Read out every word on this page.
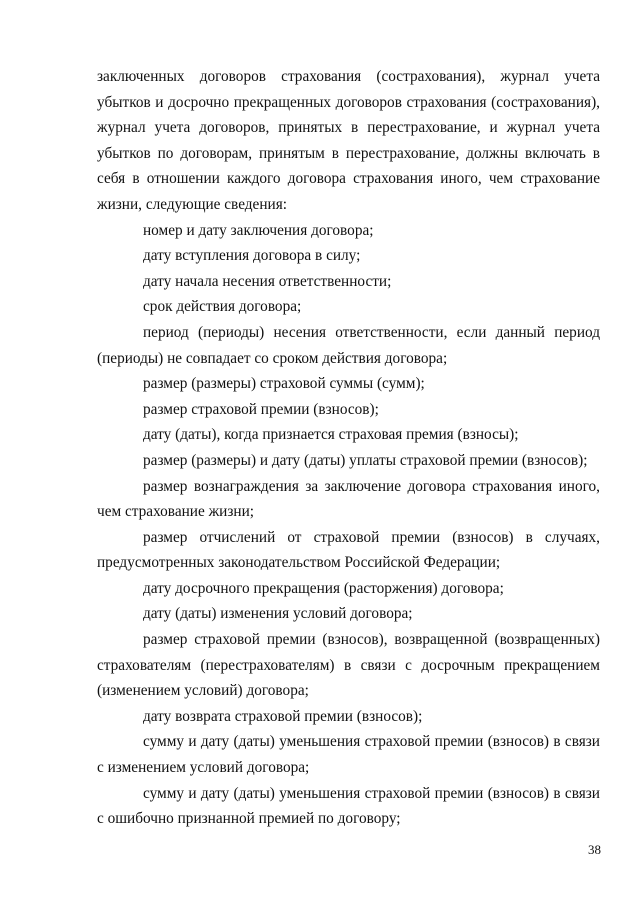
заключенных договоров страхования (сострахования), журнал учета убытков и досрочно прекращенных договоров страхования (сострахования), журнал учета договоров, принятых в перестрахование, и журнал учета убытков по договорам, принятым в перестрахование, должны включать в себя в отношении каждого договора страхования иного, чем страхование жизни, следующие сведения:

номер и дату заключения договора;

дату вступления договора в силу;

дату начала несения ответственности;

срок действия договора;

период (периоды) несения ответственности, если данный период (периоды) не совпадает со сроком действия договора;

размер (размеры) страховой суммы (сумм);

размер страховой премии (взносов);

дату (даты), когда признается страховая премия (взносы);

размер (размеры) и дату (даты) уплаты страховой премии (взносов);

размер вознаграждения за заключение договора страхования иного, чем страхование жизни;

размер отчислений от страховой премии (взносов) в случаях, предусмотренных законодательством Российской Федерации;

дату досрочного прекращения (расторжения) договора;

дату (даты) изменения условий договора;

размер страховой премии (взносов), возвращенной (возвращенных) страхователям (перестрахователям) в связи с досрочным прекращением (изменением условий) договора;

дату возврата страховой премии (взносов);

сумму и дату (даты) уменьшения страховой премии (взносов) в связи с изменением условий договора;

сумму и дату (даты) уменьшения страховой премии (взносов) в связи с ошибочно признанной премией по договору;

38
